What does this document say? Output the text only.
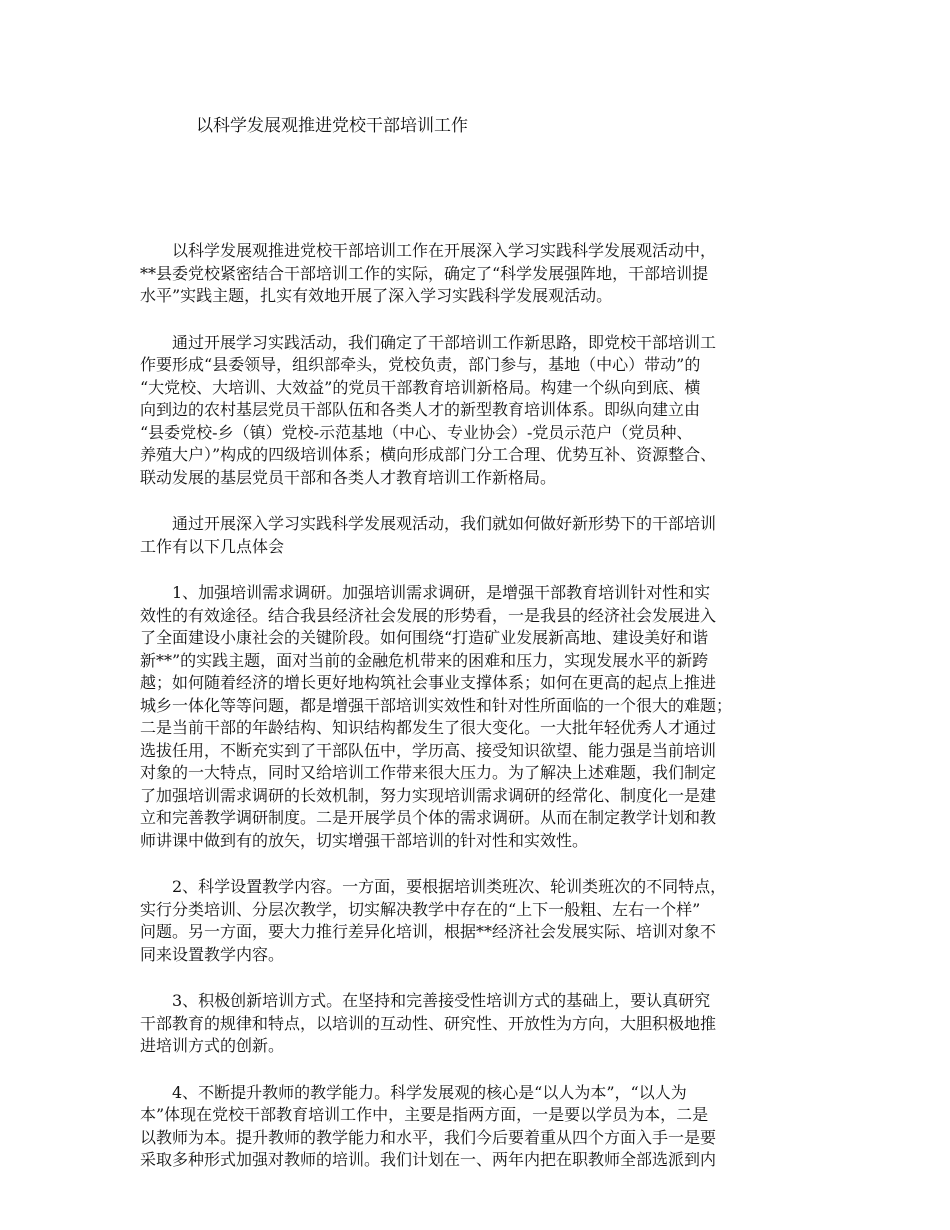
以科学发展观推进党校干部培训工作

　　以科学发展观推进党校干部培训工作在开展深入学习实践科学发展观活动中，
**县委党校紧密结合干部培训工作的实际，确定了“科学发展强阵地，干部培训提
水平”实践主题，扎实有效地开展了深入学习实践科学发展观活动。

　　通过开展学习实践活动，我们确定了干部培训工作新思路，即党校干部培训工
作要形成“县委领导，组织部牵头，党校负责，部门参与，基地（中心）带动”的
“大党校、大培训、大效益”的党员干部教育培训新格局。构建一个纵向到底、横
向到边的农村基层党员干部队伍和各类人才的新型教育培训体系。即纵向建立由
“县委党校-乡（镇）党校-示范基地（中心、专业协会）-党员示范户（党员种、
养殖大户）”构成的四级培训体系；横向形成部门分工合理、优势互补、资源整合、
联动发展的基层党员干部和各类人才教育培训工作新格局。

　　通过开展深入学习实践科学发展观活动，我们就如何做好新形势下的干部培训
工作有以下几点体会

　　1、加强培训需求调研。加强培训需求调研，是增强干部教育培训针对性和实
效性的有效途径。结合我县经济社会发展的形势看，一是我县的经济社会发展进入
了全面建设小康社会的关键阶段。如何围绕“打造矿业发展新高地、建设美好和谐
新**”的实践主题，面对当前的金融危机带来的困难和压力，实现发展水平的新跨
越；如何随着经济的增长更好地构筑社会事业支撑体系；如何在更高的起点上推进
城乡一体化等等问题，都是增强干部培训实效性和针对性所面临的一个很大的难题；
二是当前干部的年龄结构、知识结构都发生了很大变化。一大批年轻优秀人才通过
选拔任用，不断充实到了干部队伍中，学历高、接受知识欲望、能力强是当前培训
对象的一大特点，同时又给培训工作带来很大压力。为了解决上述难题，我们制定
了加强培训需求调研的长效机制，努力实现培训需求调研的经常化、制度化一是建
立和完善教学调研制度。二是开展学员个体的需求调研。从而在制定教学计划和教
师讲课中做到有的放矢，切实增强干部培训的针对性和实效性。

　　2、科学设置教学内容。一方面，要根据培训类班次、轮训类班次的不同特点，
实行分类培训、分层次教学，切实解决教学中存在的“上下一般粗、左右一个样”
问题。另一方面，要大力推行差异化培训，根据**经济社会发展实际、培训对象不
同来设置教学内容。

　　3、积极创新培训方式。在坚持和完善接受性培训方式的基础上，要认真研究
干部教育的规律和特点，以培训的互动性、研究性、开放性为方向，大胆积极地推
进培训方式的创新。

　　4、不断提升教师的教学能力。科学发展观的核心是“以人为本”，“以人为
本”体现在党校干部教育培训工作中，主要是指两方面，一是要以学员为本，二是
以教师为本。提升教师的教学能力和水平，我们今后要着重从四个方面入手一是要
采取多种形式加强对教师的培训。我们计划在一、两年内把在职教师全部选派到内
